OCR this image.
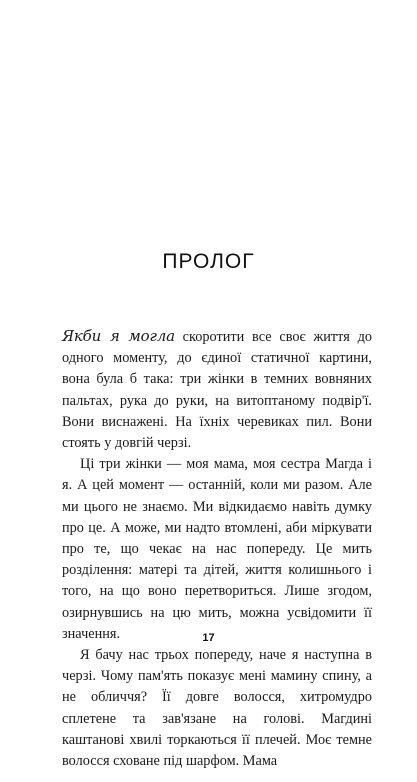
ПРОЛОГ

Якби я могла скоротити все своє життя до одного моменту, до єдиної статичної картини, вона була б така: три жінки в темних вовняних пальтах, рука до руки, на витоптаному подвір'ї. Вони виснажені. На їхніх черевиках пил. Вони стоять у довгій черзі.

Ці три жінки — моя мама, моя сестра Магда і я. А цей момент — останній, коли ми разом. Але ми цього не знаємо. Ми відкидаємо навіть думку про це. А може, ми надто втомлені, аби міркувати про те, що чекає на нас попереду. Це мить розділення: матері та дітей, життя колишнього і того, на що воно перетвориться. Лише згодом, озирнувшись на цю мить, можна усвідомити її значення.

Я бачу нас трьох попереду, наче я наступна в черзі. Чому пам'ять показує мені мамину спину, а не обличчя? Її довге волосся, хитромудро сплетене та зав'язане на голові. Магдині каштанові хвилі торкаються її плечей. Моє темне волосся сховане під шарфом. Мама

17
